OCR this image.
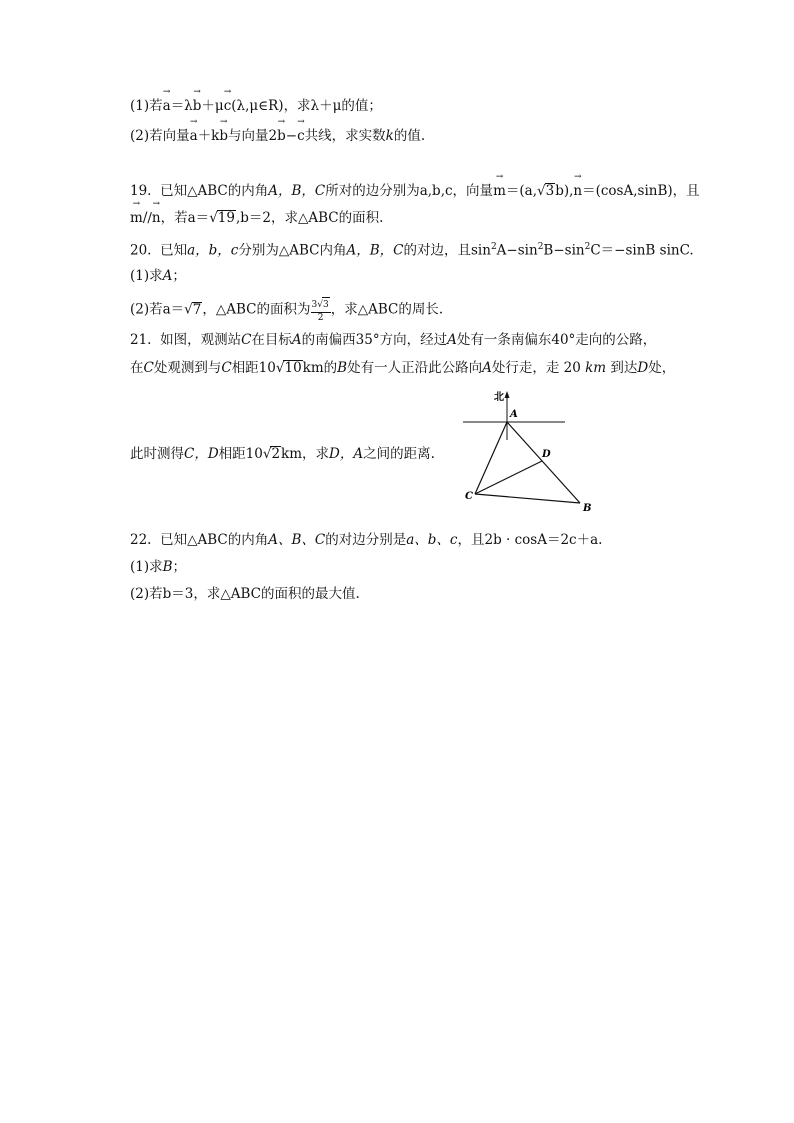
(1)若→ a＝λ→ b＋μ→ c(λ,μ∈R)，求λ＋μ的值；
(2)若向量→ a＋k→ b与向量2→ b−→ c共线，求实数k的值.
19. 已知△ABC的内角A，B，C所对的边分别为a,b,c，向量→ m＝(a,√3b),→ n＝(cosA,sinB)，且
→ m/∕→ n，若a＝√19,b＝2，求△ABC的面积.
20. 已知a，b，c分别为△ABC内角A，B，C的对边，且$\sin^2A-\sin^2B-\sin^2C=-\sin B$ sinC.
(1)求A；
(2)若a＝√7，△ABC的面积为 $\frac{3√3}{2}$ ，求△ABC的周长.
21. 如图，观测站C在目标A的南偏西35°方向，经过A处有一条南偏东40°走向的公路，
在C处观测到与C相距10√10km的B处有一人正沿此公路向A处行走，走 20 km 到达D处，
此时测得C，D相距10√2km，求D，A之间的距离.
北
A
D
C
B
22. 已知△ABC的内角A、B、C的对边分别是a、b、c，且2b · cosA＝2c＋a.
(1)求B；
(2)若b＝3，求△ABC的面积的最大值.
